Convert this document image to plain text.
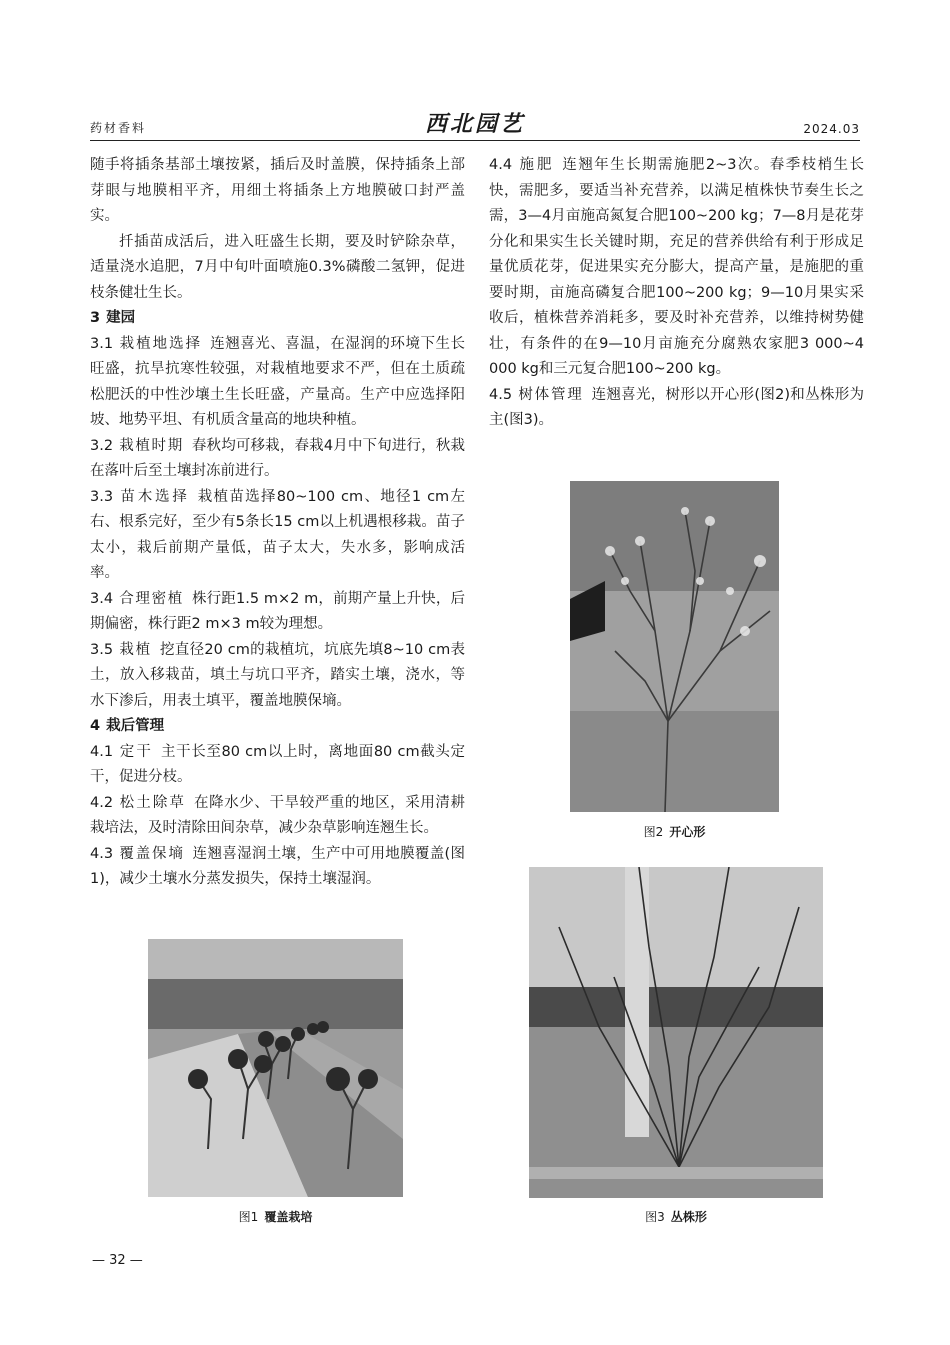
药材香料	西北园艺	2024.03

随手将插条基部土壤按紧，插后及时盖膜，保持插条上部芽眼与地膜相平齐，用细土将插条上方地膜破口封严盖实。

扦插苗成活后，进入旺盛生长期，要及时铲除杂草，适量浇水追肥，7月中旬叶面喷施0.3%磷酸二氢钾，促进枝条健壮生长。

3 建园

3.1 栽植地选择 连翘喜光、喜温，在湿润的环境下生长旺盛，抗旱抗寒性较强，对栽植地要求不严，但在土质疏松肥沃的中性沙壤土生长旺盛，产量高。生产中应选择阳坡、地势平坦、有机质含量高的地块种植。

3.2 栽植时期 春秋均可移栽，春栽4月中下旬进行，秋栽在落叶后至土壤封冻前进行。

3.3 苗木选择 栽植苗选择80~100 cm、地径1 cm左右、根系完好，至少有5条长15 cm以上机遇根移栽。苗子太小，栽后前期产量低，苗子太大，失水多，影响成活率。

3.4 合理密植 株行距1.5 m×2 m，前期产量上升快，后期偏密，株行距2 m×3 m较为理想。

3.5 栽植 挖直径20 cm的栽植坑，坑底先填8~10 cm表土，放入移栽苗，填土与坑口平齐，踏实土壤，浇水，等水下渗后，用表土填平，覆盖地膜保墒。

4 栽后管理

4.1 定干 主干长至80 cm以上时，离地面80 cm截头定干，促进分枝。

4.2 松土除草 在降水少、干旱较严重的地区，采用清耕栽培法，及时清除田间杂草，减少杂草影响连翘生长。

4.3 覆盖保墒 连翘喜湿润土壤，生产中可用地膜覆盖(图1)，减少土壤水分蒸发损失，保持土壤湿润。

4.4 施肥 连翘年生长期需施肥2~3次。春季枝梢生长快，需肥多，要适当补充营养，以满足植株快节奏生长之需，3—4月亩施高氮复合肥100~200 kg；7—8月是花芽分化和果实生长关键时期，充足的营养供给有利于形成足量优质花芽，促进果实充分膨大，提高产量，是施肥的重要时期，亩施高磷复合肥100~200 kg；9—10月果实采收后，植株营养消耗多，要及时补充营养，以维持树势健壮，有条件的在9—10月亩施充分腐熟农家肥3 000~4 000 kg和三元复合肥100~200 kg。

4.5 树体管理 连翘喜光，树形以开心形(图2)和丛株形为主(图3)。

图1 覆盖栽培
图2 开心形
图3 丛株形
— 32 —
